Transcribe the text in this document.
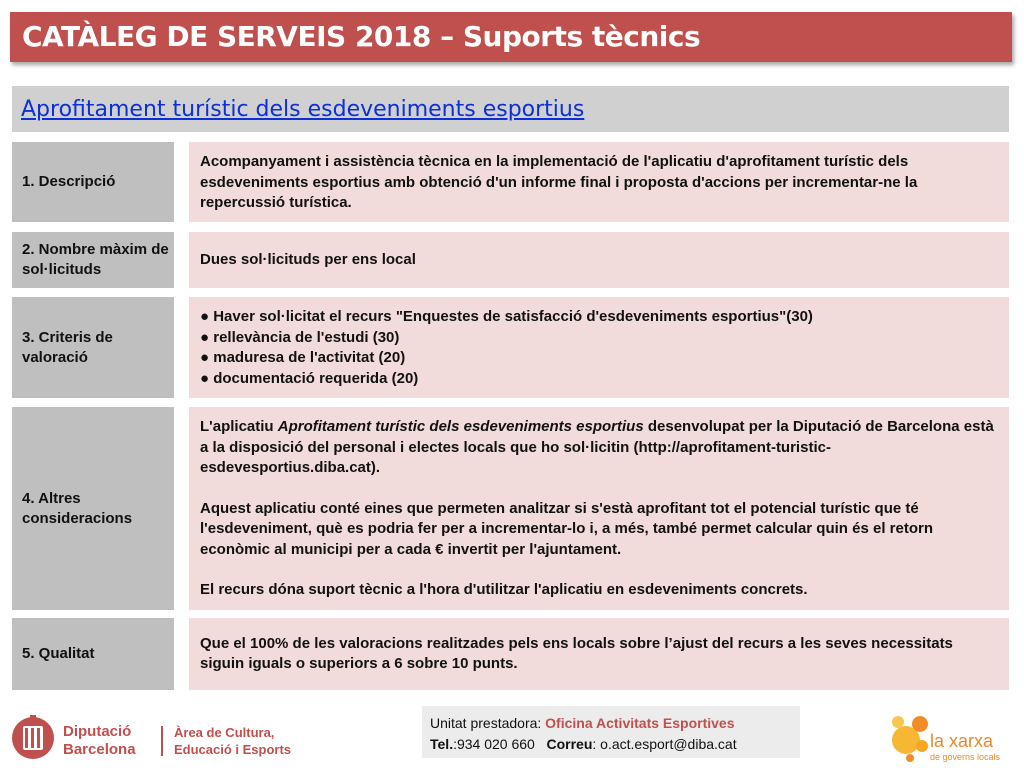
CATÀLEG DE SERVEIS 2018 – Suports tècnics
Aprofitament turístic dels esdeveniments esportius
1. Descripció
Acompanyament i assistència tècnica en la implementació de l'aplicatiu d'aprofitament turístic dels esdeveniments esportius amb obtenció d'un informe final i proposta d'accions per incrementar-ne la repercussió turística.
2. Nombre màxim de sol·licituds
Dues sol·licituds per ens local
3. Criteris de valoració

● Haver sol·licitat el recurs "Enquestes de satisfacció d'esdeveniments esportius"(30)

● rellevància de l'estudi (30)

● maduresa de l'activitat (20)

● documentació requerida (20)

4. Altres consideracions

L'aplicatiu Aprofitament turístic dels esdeveniments esportius desenvolupat per la Diputació de Barcelona està a la disposició del personal i electes locals que ho sol·licitin (http://aprofitament-turistic-esdevesportius.diba.cat).

Aquest aplicatiu conté eines que permeten analitzar si s'està aprofitant tot el potencial turístic que té l'esdeveniment, què es podria fer per a incrementar-lo i, a més, també permet calcular quin és el retorn econòmic al municipi per a cada € invertit per l'ajuntament.

El recurs dóna suport tècnic a l'hora d'utilitzar l'aplicatiu en esdeveniments concrets.

5. Qualitat
Que el 100% de les valoracions realitzades pels ens locals sobre l’ajust del recurs a les seves necessitats siguin iguals o superiors a 6 sobre 10 punts.
Diputació
Barcelona
Àrea de Cultura,
Educació i Esports
Unitat prestadora: Oficina Activitats Esportives
Tel.:934 020 660 Correu: o.act.esport@diba.cat	la xarxa
de governs locals
